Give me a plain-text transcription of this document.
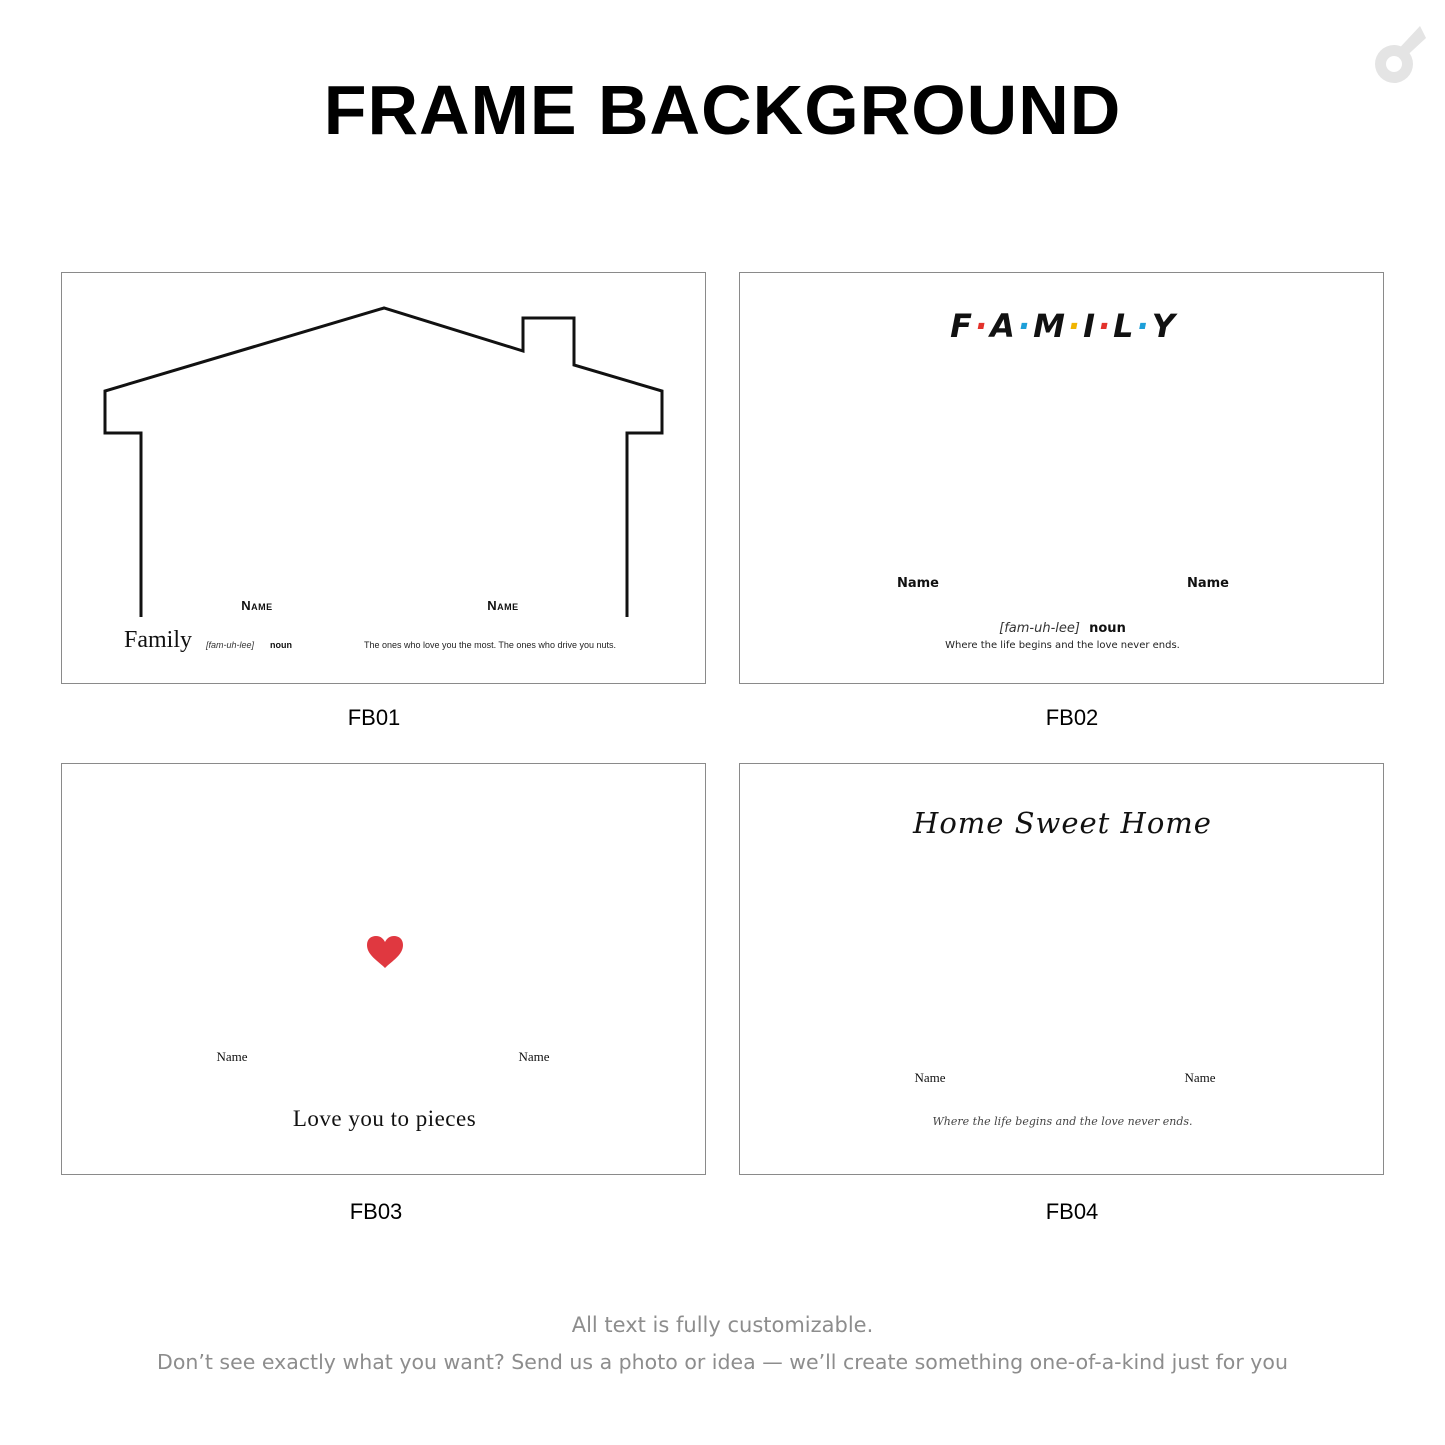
FRAME BACKGROUND
Name	Name
Family [fam-uh-lee] noun	The ones who love you the most. The ones who drive you nuts.
FB01
F·A·M·I·L·Y
Name	Name
[fam-uh-lee] noun
Where the life begins and the love never ends.
FB02
Name	Name
Love you to pieces
FB03
Home Sweet Home
Name	Name
Where the life begins and the love never ends.
FB04
All text is fully customizable.
Don’t see exactly what you want? Send us a photo or idea — we’ll create something one-of-a-kind just for you
